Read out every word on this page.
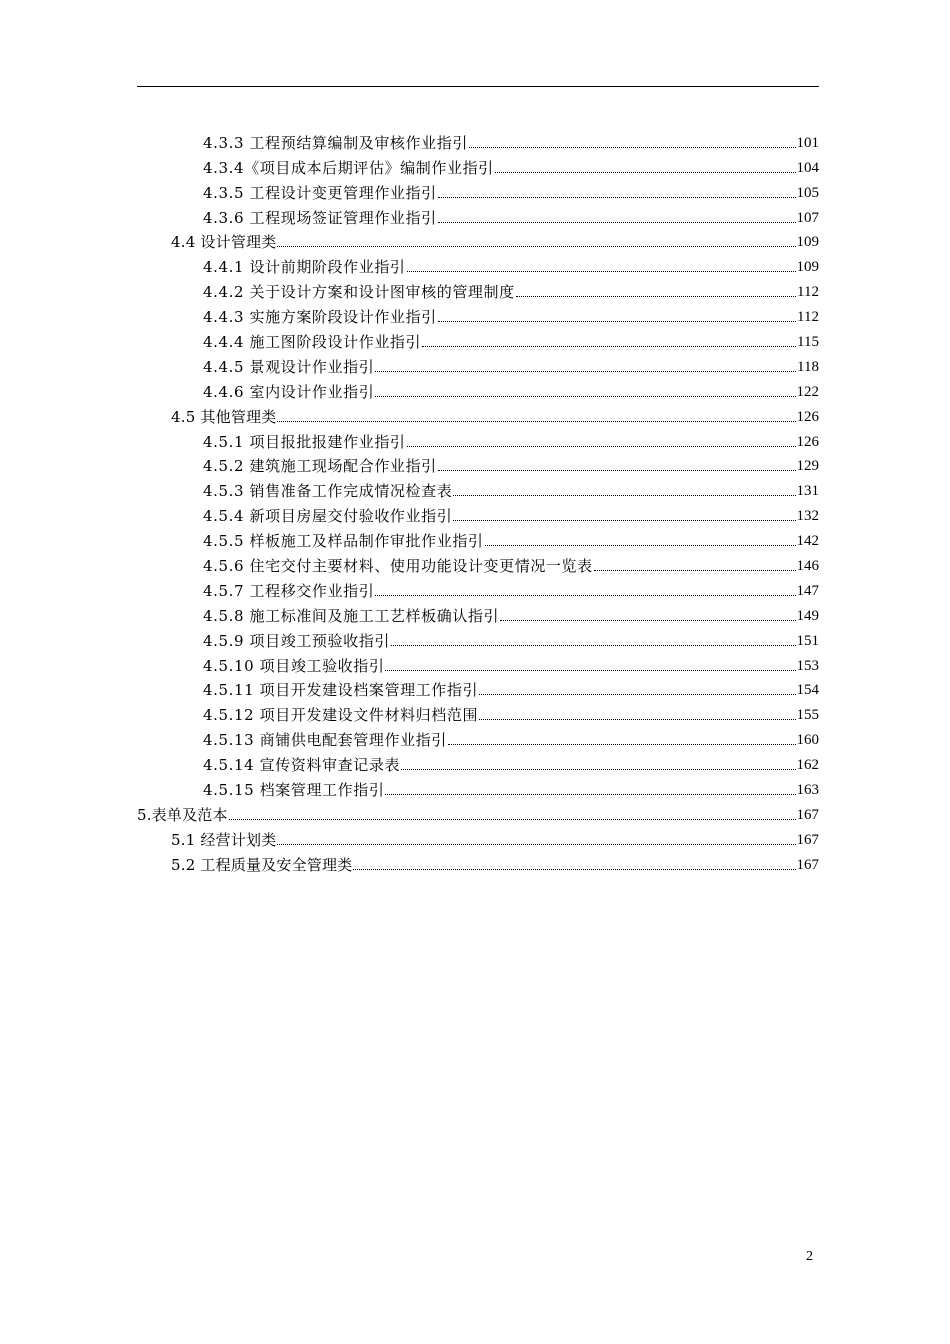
4.3.3 工程预结算编制及审核作业指引	101
4.3.4《项目成本后期评估》编制作业指引	104
4.3.5 工程设计变更管理作业指引	105
4.3.6 工程现场签证管理作业指引	107
4.4 设计管理类	109
4.4.1 设计前期阶段作业指引	109
4.4.2 关于设计方案和设计图审核的管理制度	112
4.4.3 实施方案阶段设计作业指引	112
4.4.4 施工图阶段设计作业指引	115
4.4.5 景观设计作业指引	118
4.4.6 室内设计作业指引	122
4.5 其他管理类	126
4.5.1 项目报批报建作业指引	126
4.5.2 建筑施工现场配合作业指引	129
4.5.3 销售准备工作完成情况检查表	131
4.5.4 新项目房屋交付验收作业指引	132
4.5.5 样板施工及样品制作审批作业指引	142
4.5.6 住宅交付主要材料、使用功能设计变更情况一览表	146
4.5.7 工程移交作业指引	147
4.5.8 施工标准间及施工工艺样板确认指引	149
4.5.9 项目竣工预验收指引	151
4.5.10 项目竣工验收指引	153
4.5.11 项目开发建设档案管理工作指引	154
4.5.12 项目开发建设文件材料归档范围	155
4.5.13 商铺供电配套管理作业指引	160
4.5.14 宣传资料审查记录表	162
4.5.15 档案管理工作指引	163
5.表单及范本	167
5.1 经营计划类	167
5.2 工程质量及安全管理类	167
2
